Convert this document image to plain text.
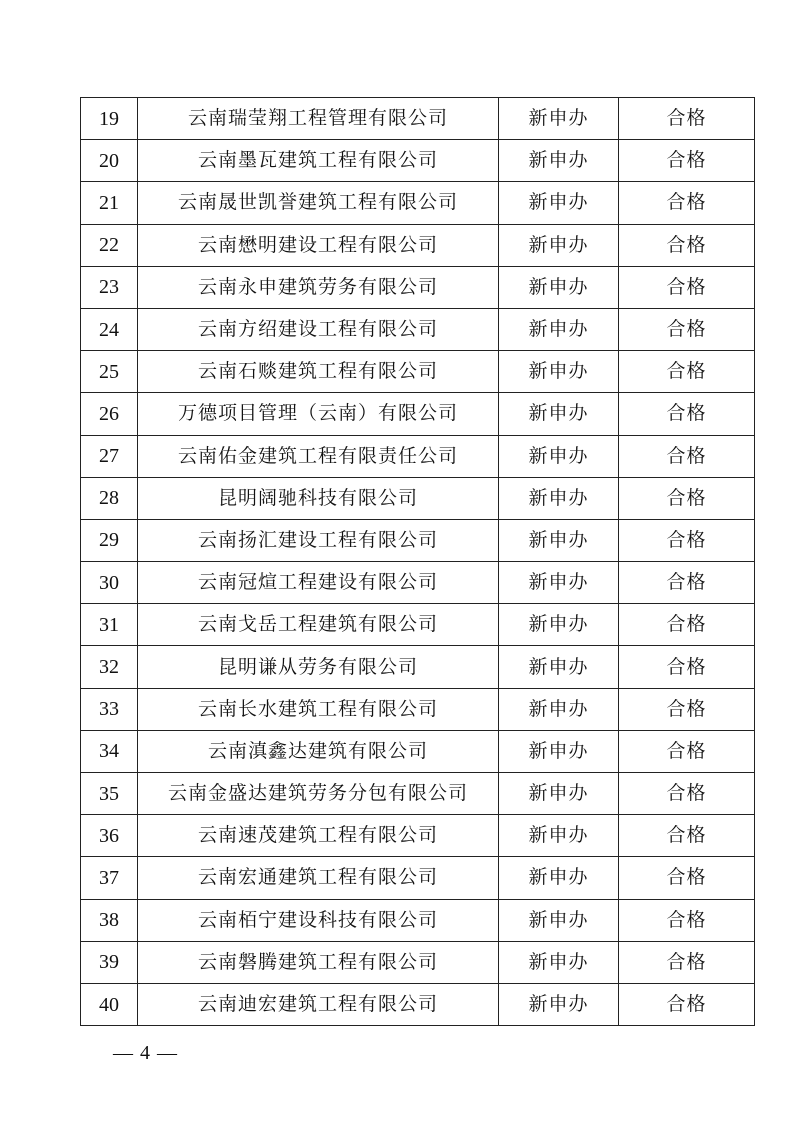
19	云南瑞莹翔工程管理有限公司	新申办	合格
20	云南墨瓦建筑工程有限公司	新申办	合格
21	云南晟世凯誉建筑工程有限公司	新申办	合格
22	云南懋明建设工程有限公司	新申办	合格
23	云南永申建筑劳务有限公司	新申办	合格
24	云南方绍建设工程有限公司	新申办	合格
25	云南石赕建筑工程有限公司	新申办	合格
26	万德项目管理（云南）有限公司	新申办	合格
27	云南佑金建筑工程有限责任公司	新申办	合格
28	昆明阔驰科技有限公司	新申办	合格
29	云南扬汇建设工程有限公司	新申办	合格
30	云南冠煊工程建设有限公司	新申办	合格
31	云南戈岳工程建筑有限公司	新申办	合格
32	昆明谦从劳务有限公司	新申办	合格
33	云南长水建筑工程有限公司	新申办	合格
34	云南滇鑫达建筑有限公司	新申办	合格
35	云南金盛达建筑劳务分包有限公司	新申办	合格
36	云南速茂建筑工程有限公司	新申办	合格
37	云南宏通建筑工程有限公司	新申办	合格
38	云南栢宁建设科技有限公司	新申办	合格
39	云南磐腾建筑工程有限公司	新申办	合格
40	云南迪宏建筑工程有限公司	新申办	合格
— 4 —
